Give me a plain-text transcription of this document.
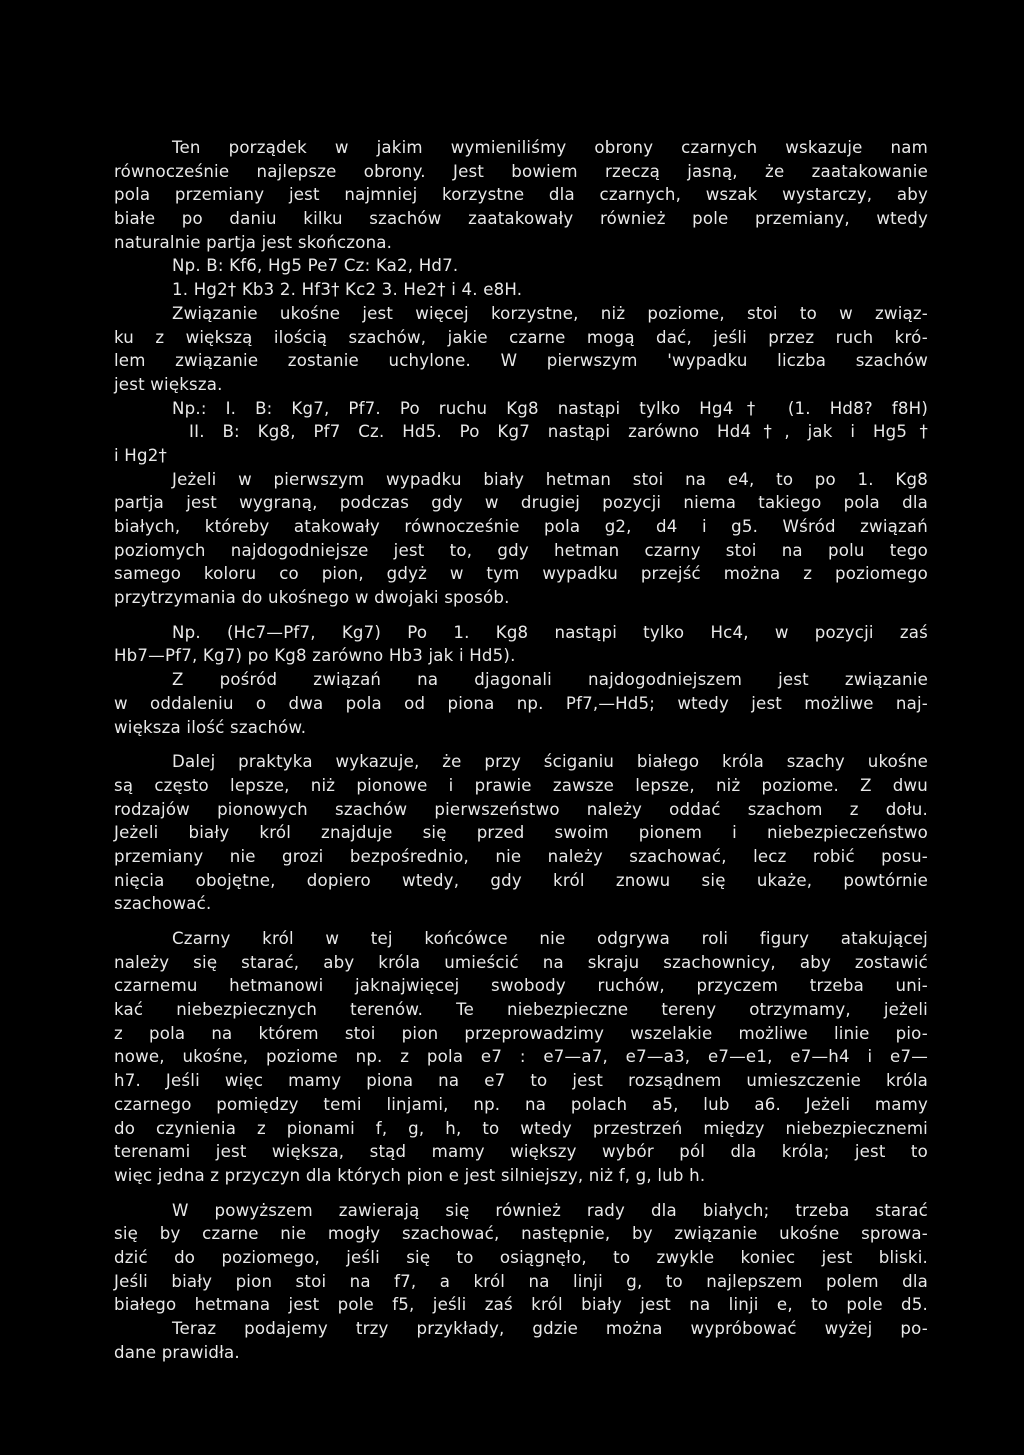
Ten porządek w jakim wymieniliśmy obrony czarnych wskazuje nam
równocześnie najlepsze obrony. Jest bowiem rzeczą jasną, że zaatakowanie
pola przemiany jest najmniej korzystne dla czarnych, wszak wystarczy, aby
białe po daniu kilku szachów zaatakowały również pole przemiany, wtedy
naturalnie partja jest skończona.
Np. B: Kf6, Hg5 Pe7 Cz: Ka2, Hd7.
1. Hg2† Kb3 2. Hf3† Kc2 3. He2† i 4. e8H.
Związanie ukośne jest więcej korzystne, niż poziome, stoi to w związ-
ku z większą ilością szachów, jakie czarne mogą dać, jeśli przez ruch kró-
lem związanie zostanie uchylone. W pierwszym 'wypadku liczba szachów
jest większa.
Np.: I. B: Kg7, Pf7. Po ruchu Kg8 nastąpi tylko Hg4† (1. Hd8? f8H)
II. B: Kg8, Pf7 Cz. Hd5. Po Kg7 nastąpi zarówno Hd4†, jak i Hg5†
i Hg2†
Jeżeli w pierwszym wypadku biały hetman stoi na e4, to po 1. Kg8
partja jest wygraną, podczas gdy w drugiej pozycji niema takiego pola dla
białych, któreby atakowały równocześnie pola g2, d4 i g5. Wśród związań
poziomych najdogodniejsze jest to, gdy hetman czarny stoi na polu tego
samego koloru co pion, gdyż w tym wypadku przejść można z poziomego
przytrzymania do ukośnego w dwojaki sposób.
Np. (Hc7—Pf7, Kg7) Po 1. Kg8 nastąpi tylko Hc4, w pozycji zaś
Hb7—Pf7, Kg7) po Kg8 zarówno Hb3 jak i Hd5).
Z pośród związań na djagonali najdogodniejszem jest związanie
w oddaleniu o dwa pola od piona np. Pf7,—Hd5; wtedy jest możliwe naj-
większa ilość szachów.
Dalej praktyka wykazuje, że przy ściganiu białego króla szachy ukośne
są często lepsze, niż pionowe i prawie zawsze lepsze, niż poziome. Z dwu
rodzajów pionowych szachów pierwszeństwo należy oddać szachom z dołu.
Jeżeli biały król znajduje się przed swoim pionem i niebezpieczeństwo
przemiany nie grozi bezpośrednio, nie należy szachować, lecz robić posu-
nięcia obojętne, dopiero wtedy, gdy król znowu się ukaże, powtórnie
szachować.
Czarny król w tej końcówce nie odgrywa roli figury atakującej
należy się starać, aby króla umieścić na skraju szachownicy, aby zostawić
czarnemu hetmanowi jaknajwięcej swobody ruchów, przyczem trzeba uni-
kać niebezpiecznych terenów. Te niebezpieczne tereny otrzymamy, jeżeli
z pola na którem stoi pion przeprowadzimy wszelakie możliwe linie pio-
nowe, ukośne, poziome np. z pola e7 : e7—a7, e7—a3, e7—e1, e7—h4 i e7—
h7. Jeśli więc mamy piona na e7 to jest rozsądnem umieszczenie króla
czarnego pomiędzy temi linjami, np. na polach a5, lub a6. Jeżeli mamy
do czynienia z pionami f, g, h, to wtedy przestrzeń między niebezpiecznemi
terenami jest większa, stąd mamy większy wybór pól dla króla; jest to
więc jedna z przyczyn dla których pion e jest silniejszy, niż f, g, lub h.
W powyższem zawierają się również rady dla białych; trzeba starać
się by czarne nie mogły szachować, następnie, by związanie ukośne sprowa-
dzić do poziomego, jeśli się to osiągnęło, to zwykle koniec jest bliski.
Jeśli biały pion stoi na f7, a król na linji g, to najlepszem polem dla
białego hetmana jest pole f5, jeśli zaś król biały jest na linji e, to pole d5.
Teraz podajemy trzy przykłady, gdzie można wypróbować wyżej po-
dane prawidła.
